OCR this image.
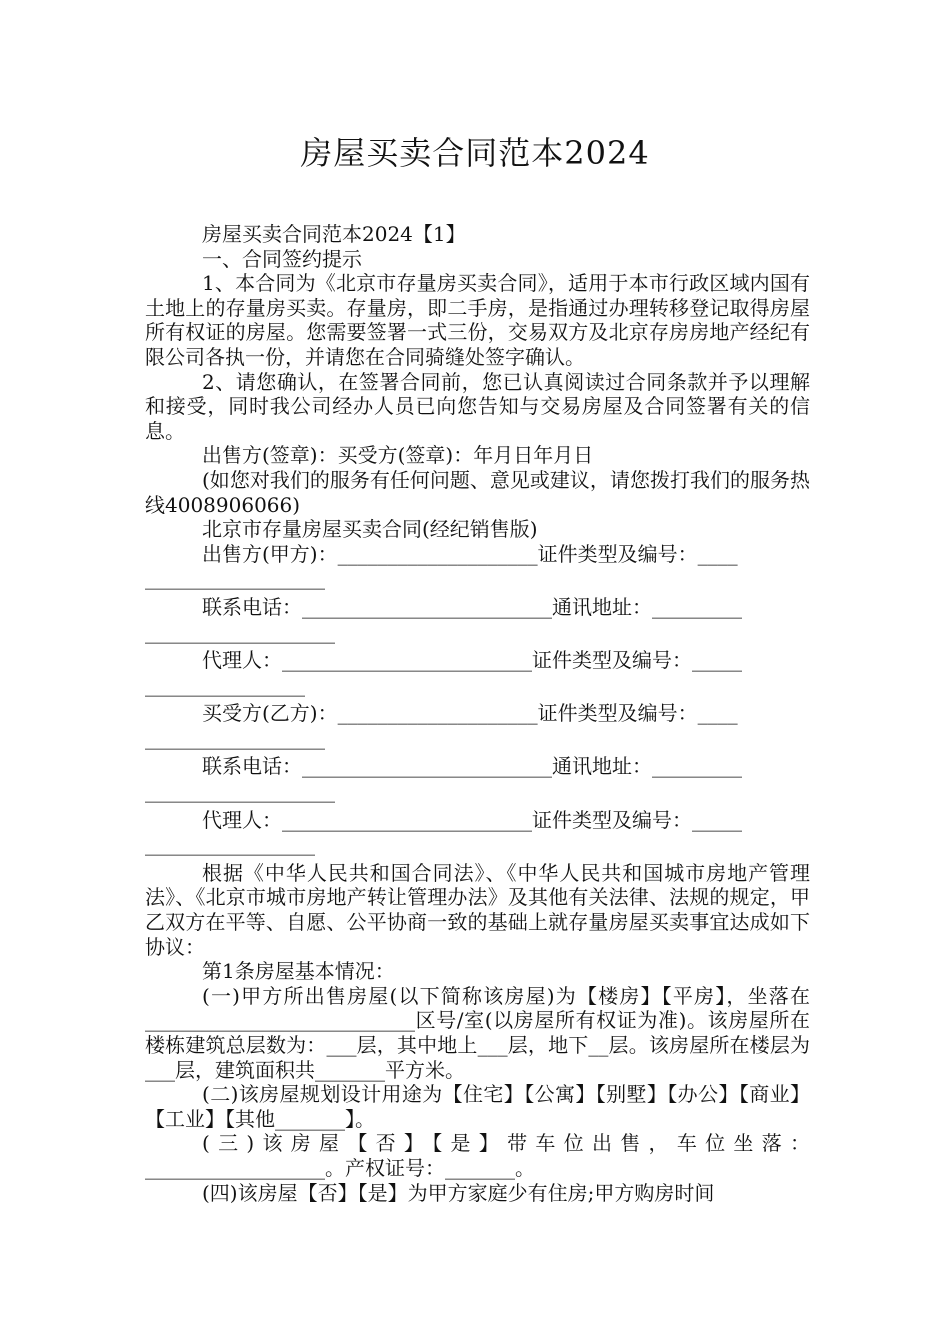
房屋买卖合同范本2024

房屋买卖合同范本2024【1】

一、合同签约提示

1、本合同为《北京市存量房买卖合同》，适用于本市行政区域内国有土地上的存量房买卖。存量房，即二手房，是指通过办理转移登记取得房屋所有权证的房屋。您需要签署一式三份，交易双方及北京存房房地产经纪有限公司各执一份，并请您在合同骑缝处签字确认。

2、请您确认，在签署合同前，您已认真阅读过合同条款并予以理解和接受，同时我公司经办人员已向您告知与交易房屋及合同签署有关的信息。

出售方(签章)：买受方(签章)：年月日年月日

(如您对我们的服务有任何问题、意见或建议，请您拨打我们的服务热线4008906066)

北京市存量房屋买卖合同(经纪销售版)

出售方(甲方)：____________________证件类型及编号：____

__________________

联系电话：_________________________通讯地址：_________

___________________

代理人：_________________________证件类型及编号：_____

________________

买受方(乙方)：____________________证件类型及编号：____

__________________

联系电话：_________________________通讯地址：_________

___________________

代理人：_________________________证件类型及编号：_____

_________________

根据《中华人民共和国合同法》、《中华人民共和国城市房地产管理法》、《北京市城市房地产转让管理办法》及其他有关法律、法规的规定，甲乙双方在平等、自愿、公平协商一致的基础上就存量房屋买卖事宜达成如下协议：

第1条房屋基本情况：

(一)甲方所出售房屋(以下简称该房屋)为【楼房】【平房】，坐落在___________________________区号/室(以房屋所有权证为准)。该房屋所在楼栋建筑总层数为：___层，其中地上___层，地下__层。该房屋所在楼层为___层，建筑面积共_______平方米。

(二)该房屋规划设计用途为【住宅】【公寓】【别墅】【办公】【商业】【工业】【其他_______】。

(三)该房屋【否】【是】带车位出售，车位坐落：__________________。产权证号：_______。

(四)该房屋【否】【是】为甲方家庭少有住房;甲方购房时间
